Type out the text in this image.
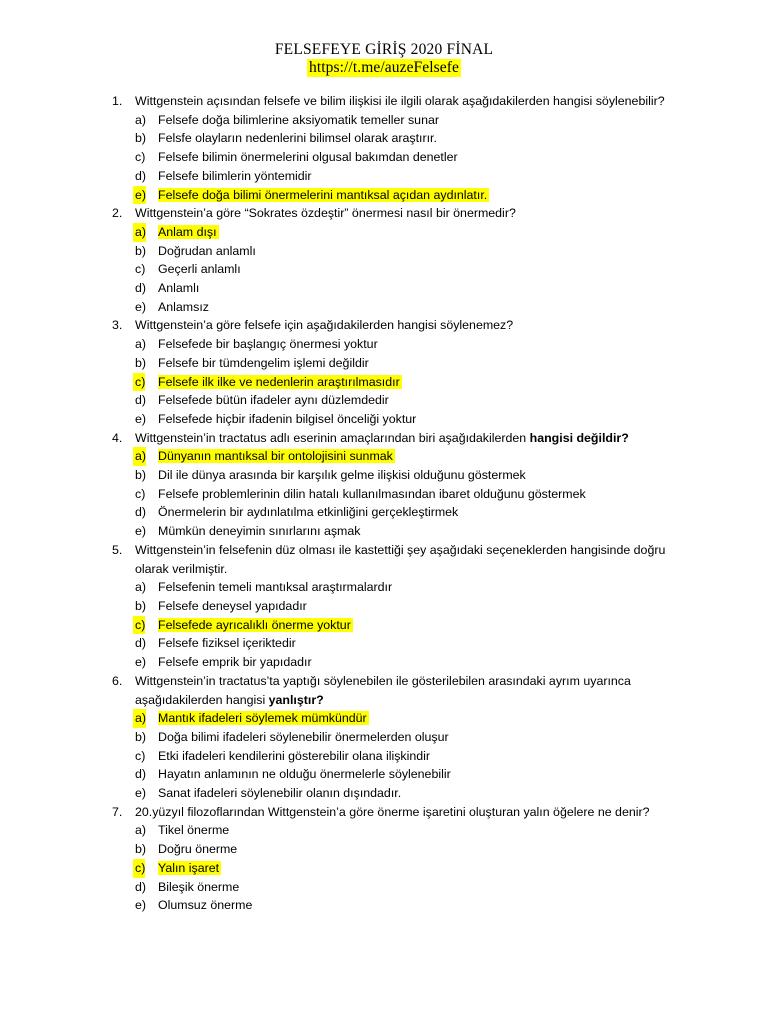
FELSEFEYE GİRİŞ 2020 FİNAL
https://t.me/auzeFelsefe
1. Wittgenstein açısından felsefe ve bilim ilişkisi ile ilgili olarak aşağıdakilerden hangisi söylenebilir?
a) Felsefe doğa bilimlerine aksiyomatik temeller sunar
b) Felsfe olayların nedenlerini bilimsel olarak araştırır.
c) Felsefe bilimin önermelerini olgusal bakımdan denetler
d) Felsefe bilimlerin yöntemidir
e) Felsefe doğa bilimi önermelerini mantıksal açıdan aydınlatır.
2. Wittgenstein’a göre “Sokrates özdeştir” önermesi nasıl bir önermedir?
a) Anlam dışı
b) Doğrudan anlamlı
c) Geçerli anlamlı
d) Anlamlı
e) Anlamsız
3. Wittgenstein’a göre felsefe için aşağıdakilerden hangisi söylenemez?
a) Felsefede bir başlangıç önermesi yoktur
b) Felsefe bir tümdengelim işlemi değildir
c) Felsefe ilk ilke ve nedenlerin araştırılmasıdır
d) Felsefede bütün ifadeler aynı düzlemdedir
e) Felsefede hiçbir ifadenin bilgisel önceliği yoktur
4. Wittgenstein’in tractatus adlı eserinin amaçlarından biri aşağıdakilerden hangisi değildir?
a) Dünyanın mantıksal bir ontolojisini sunmak
b) Dil ile dünya arasında bir karşılık gelme ilişkisi olduğunu göstermek
c) Felsefe problemlerinin dilin hatalı kullanılmasından ibaret olduğunu göstermek
d) Önermelerin bir aydınlatılma etkinliğini gerçekleştirmek
e) Mümkün deneyimin sınırlarını aşmak
5. Wittgenstein’in felsefenin düz olması ile kastettiği şey aşağıdaki seçeneklerden hangisinde doğru olarak verilmiştir.
a) Felsefenin temeli mantıksal araştırmalardır
b) Felsefe deneysel yapıdadır
c) Felsefede ayrıcalıklı önerme yoktur
d) Felsefe fiziksel içeriktedir
e) Felsefe emprik bir yapıdadır
6. Wittgenstein’in tractatus’ta yaptığı söylenebilen ile gösterilebilen arasındaki ayrım uyarınca aşağıdakilerden hangisi yanlıştır?
a) Mantık ifadeleri söylemek mümkündür
b) Doğa bilimi ifadeleri söylenebilir önermelerden oluşur
c) Etki ifadeleri kendilerini gösterebilir olana ilişkindir
d) Hayatın anlamının ne olduğu önermelerle söylenebilir
e) Sanat ifadeleri söylenebilir olanın dışındadır.
7. 20.yüzyıl filozoflarından Wittgenstein’a göre önerme işaretini oluşturan yalın öğelere ne denir?
a) Tikel önerme
b) Doğru önerme
c) Yalın işaret
d) Bileşik önerme
e) Olumsuz önerme
